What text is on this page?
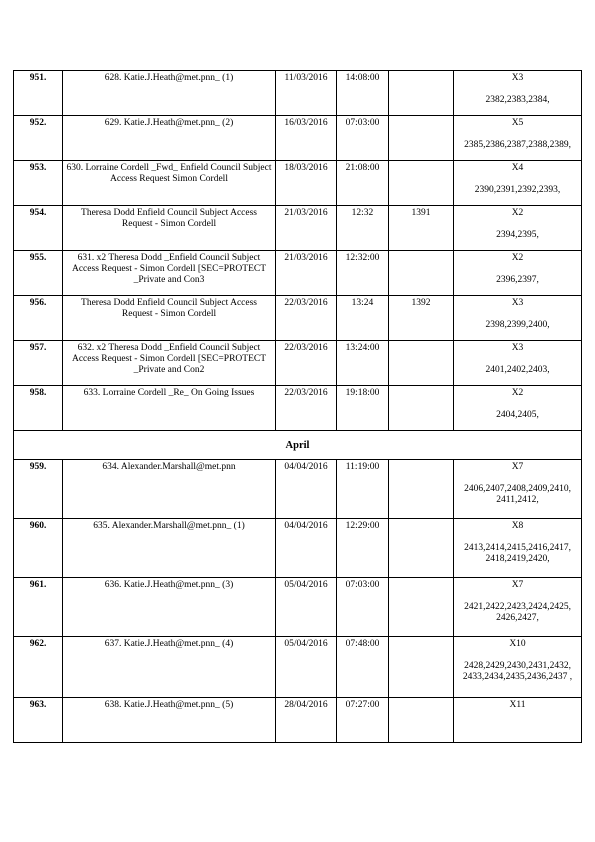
951.	628. Katie.J.Heath@met.pnn_ (1)	11/03/2016	14:08:00		X3
2382,2383,2384,

952.	629. Katie.J.Heath@met.pnn_ (2)	16/03/2016	07:03:00		X5
2385,2386,2387,2388,2389,

953.	630. Lorraine Cordell _Fwd_ Enfield Council Subject Access Request Simon Cordell	18/03/2016	21:08:00		X4
2390,2391,2392,2393,

954.	Theresa Dodd Enfield Council Subject Access Request - Simon Cordell	21/03/2016	12:32	1391	X2
2394,2395,

955.	631. x2 Theresa Dodd _Enfield Council Subject Access Request - Simon Cordell [SEC=PROTECT _Private and Con3	21/03/2016	12:32:00		X2
2396,2397,

956.	Theresa Dodd Enfield Council Subject Access Request - Simon Cordell	22/03/2016	13:24	1392	X3
2398,2399,2400,

957.	632. x2 Theresa Dodd _Enfield Council Subject Access Request - Simon Cordell [SEC=PROTECT _Private and Con2	22/03/2016	13:24:00		X3
2401,2402,2403,

958.	633. Lorraine Cordell _Re_ On Going Issues	22/03/2016	19:18:00		X2
2404,2405,

April					
959.	634. Alexander.Marshall@met.pnn	04/04/2016	11:19:00		X7
2406,2407,2408,2409,2410, 2411,2412,

960.	635. Alexander.Marshall@met.pnn_ (1)	04/04/2016	12:29:00		X8
2413,2414,2415,2416,2417, 2418,2419,2420,

961.	636. Katie.J.Heath@met.pnn_ (3)	05/04/2016	07:03:00		X7
2421,2422,2423,2424,2425, 2426,2427,

962.	637. Katie.J.Heath@met.pnn_ (4)	05/04/2016	07:48:00		X10
2428,2429,2430,2431,2432, 2433,2434,2435,2436,2437 ,

963.	638. Katie.J.Heath@met.pnn_ (5)	28/04/2016	07:27:00		X11
